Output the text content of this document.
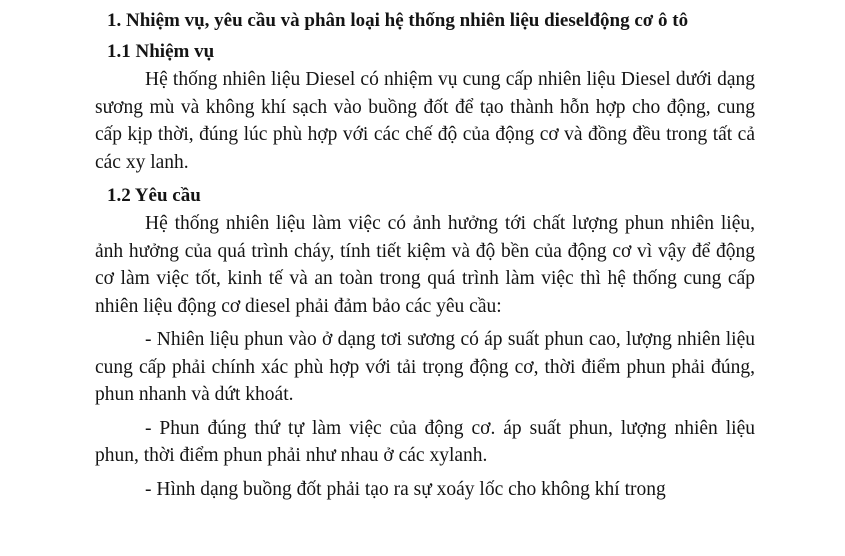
1. Nhiệm vụ, yêu cầu và phân loại hệ thống nhiên liệu dieselđộng cơ ô tô
1.1 Nhiệm vụ

Hệ thống nhiên liệu Diesel có nhiệm vụ cung cấp nhiên liệu Diesel dưới dạng sương mù và không khí sạch vào buồng đốt để tạo thành hỗn hợp cho động, cung cấp kịp thời, đúng lúc phù hợp với các chế độ của động cơ và đồng đều trong tất cả các xy lanh.

1.2 Yêu cầu

Hệ thống nhiên liệu làm việc có ảnh hưởng tới chất lượng phun nhiên liệu, ảnh hưởng của quá trình cháy, tính tiết kiệm và độ bền của động cơ vì vậy để động cơ làm việc tốt, kinh tế và an toàn trong quá trình làm việc thì hệ thống cung cấp nhiên liệu động cơ diesel phải đảm bảo các yêu cầu:

- Nhiên liệu phun vào ở dạng tơi sương có áp suất phun cao, lượng nhiên liệu cung cấp phải chính xác phù hợp với tải trọng động cơ, thời điểm phun phải đúng, phun nhanh và dứt khoát.

- Phun đúng thứ tự làm việc của động cơ. áp suất phun, lượng nhiên liệu phun, thời điểm phun phải như nhau ở các xylanh.

- Hình dạng buồng đốt phải tạo ra sự xoáy lốc cho không khí trong
